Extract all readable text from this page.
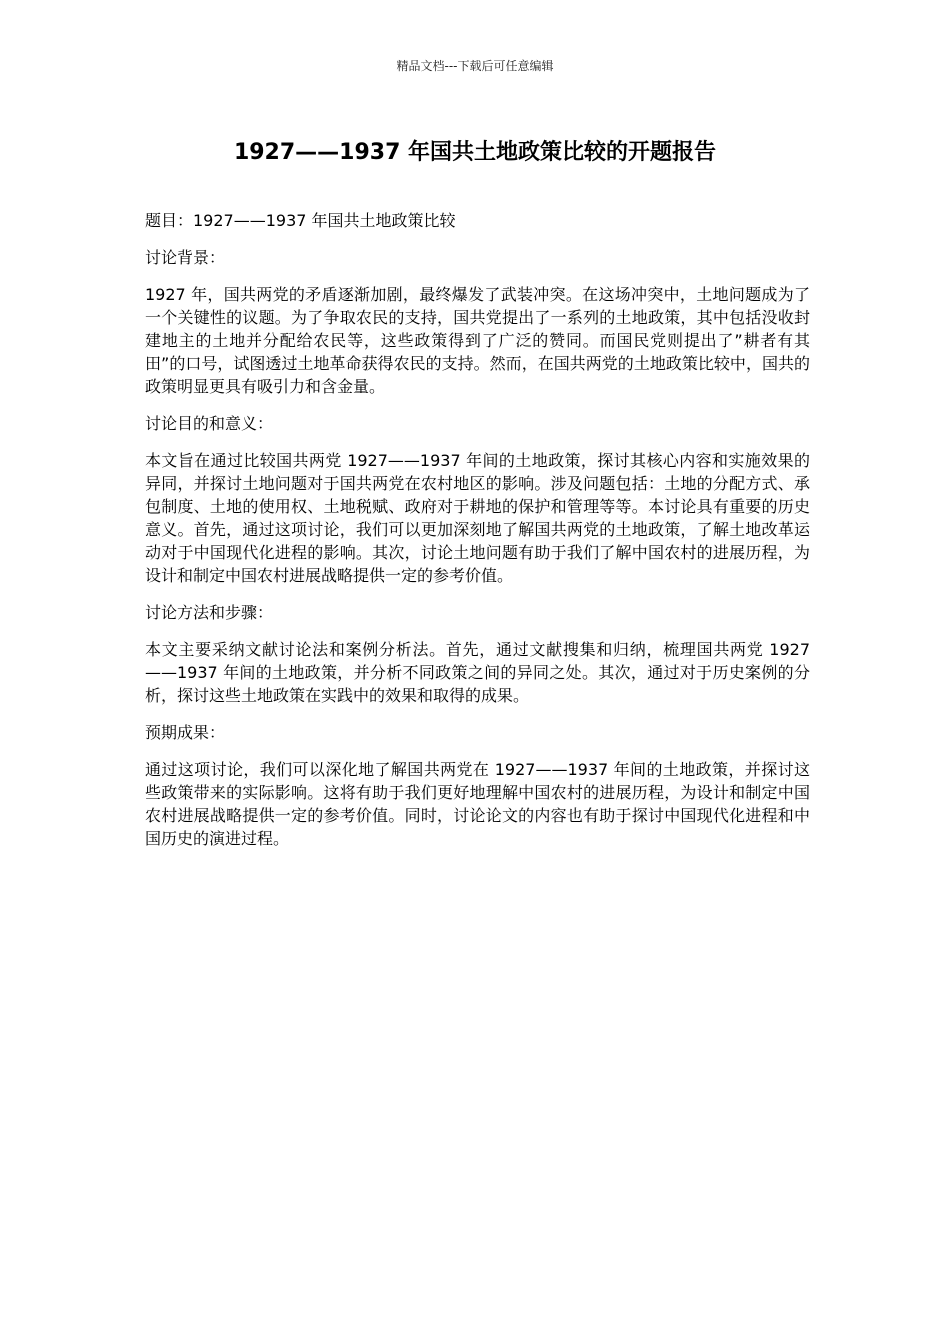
精品文档---下载后可任意编辑
1927——1937 年国共土地政策比较的开题报告

题目：1927——1937 年国共土地政策比较

讨论背景：

1927 年，国共两党的矛盾逐渐加剧，最终爆发了武装冲突。在这场冲突中，土地问题成为了一个关键性的议题。为了争取农民的支持，国共党提出了一系列的土地政策，其中包括没收封建地主的土地并分配给农民等，这些政策得到了广泛的赞同。而国民党则提出了”耕者有其田”的口号，试图透过土地革命获得农民的支持。然而，在国共两党的土地政策比较中，国共的政策明显更具有吸引力和含金量。

讨论目的和意义：

本文旨在通过比较国共两党 1927——1937 年间的土地政策，探讨其核心内容和实施效果的异同，并探讨土地问题对于国共两党在农村地区的影响。涉及问题包括：土地的分配方式、承包制度、土地的使用权、土地税赋、政府对于耕地的保护和管理等等。本讨论具有重要的历史意义。首先，通过这项讨论，我们可以更加深刻地了解国共两党的土地政策，了解土地改革运动对于中国现代化进程的影响。其次，讨论土地问题有助于我们了解中国农村的进展历程，为设计和制定中国农村进展战略提供一定的参考价值。

讨论方法和步骤：

本文主要采纳文献讨论法和案例分析法。首先，通过文献搜集和归纳，梳理国共两党 1927——1937 年间的土地政策，并分析不同政策之间的异同之处。其次，通过对于历史案例的分析，探讨这些土地政策在实践中的效果和取得的成果。

预期成果：

通过这项讨论，我们可以深化地了解国共两党在 1927——1937 年间的土地政策，并探讨这些政策带来的实际影响。这将有助于我们更好地理解中国农村的进展历程，为设计和制定中国农村进展战略提供一定的参考价值。同时，讨论论文的内容也有助于探讨中国现代化进程和中国历史的演进过程。
